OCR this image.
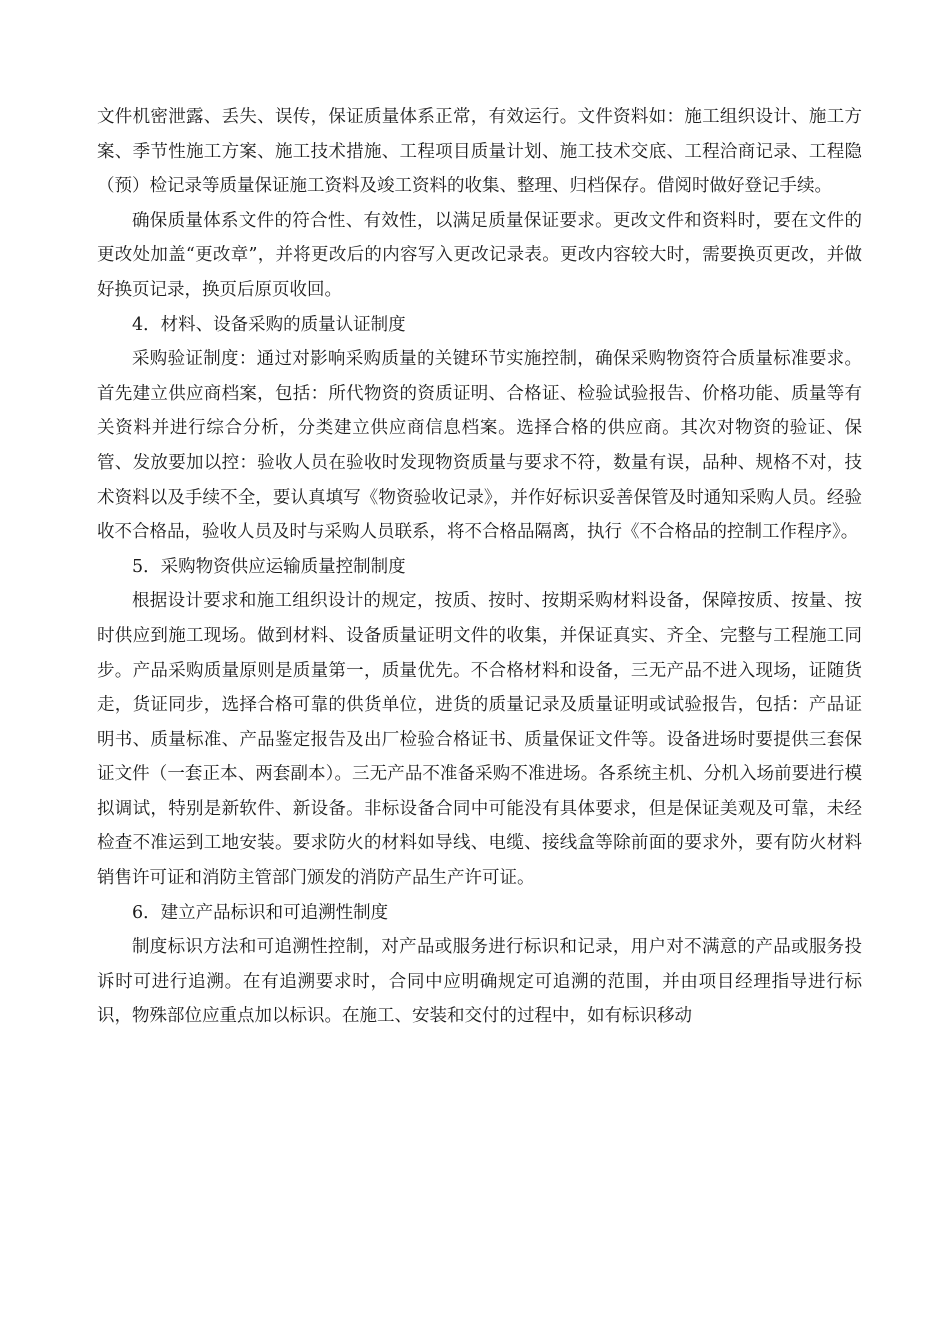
文件机密泄露、丢失、误传，保证质量体系正常，有效运行。文件资料如：施工组织设计、施工方案、季节性施工方案、施工技术措施、工程项目质量计划、施工技术交底、工程洽商记录、工程隐（预）检记录等质量保证施工资料及竣工资料的收集、整理、归档保存。借阅时做好登记手续。

确保质量体系文件的符合性、有效性，以满足质量保证要求。更改文件和资料时，要在文件的更改处加盖“更改章”，并将更改后的内容写入更改记录表。更改内容较大时，需要换页更改，并做好换页记录，换页后原页收回。

4．材料、设备采购的质量认证制度

采购验证制度：通过对影响采购质量的关键环节实施控制，确保采购物资符合质量标准要求。首先建立供应商档案，包括：所代物资的资质证明、合格证、检验试验报告、价格功能、质量等有关资料并进行综合分析，分类建立供应商信息档案。选择合格的供应商。其次对物资的验证、保管、发放要加以控：验收人员在验收时发现物资质量与要求不符，数量有误，品种、规格不对，技术资料以及手续不全，要认真填写《物资验收记录》，并作好标识妥善保管及时通知采购人员。经验收不合格品，验收人员及时与采购人员联系，将不合格品隔离，执行《不合格品的控制工作程序》。

5．采购物资供应运输质量控制制度

根据设计要求和施工组织设计的规定，按质、按时、按期采购材料设备，保障按质、按量、按时供应到施工现场。做到材料、设备质量证明文件的收集，并保证真实、齐全、完整与工程施工同步。产品采购质量原则是质量第一，质量优先。不合格材料和设备，三无产品不进入现场，证随货走，货证同步，选择合格可靠的供货单位，进货的质量记录及质量证明或试验报告，包括：产品证明书、质量标准、产品鉴定报告及出厂检验合格证书、质量保证文件等。设备进场时要提供三套保证文件（一套正本、两套副本）。三无产品不准备采购不准进场。各系统主机、分机入场前要进行模拟调试，特别是新软件、新设备。非标设备合同中可能没有具体要求，但是保证美观及可靠，未经检查不准运到工地安装。要求防火的材料如导线、电缆、接线盒等除前面的要求外，要有防火材料销售许可证和消防主管部门颁发的消防产品生产许可证。

6．建立产品标识和可追溯性制度

制度标识方法和可追溯性控制，对产品或服务进行标识和记录，用户对不满意的产品或服务投诉时可进行追溯。在有追溯要求时，合同中应明确规定可追溯的范围，并由项目经理指导进行标识，物殊部位应重点加以标识。在施工、安装和交付的过程中，如有标识移动
